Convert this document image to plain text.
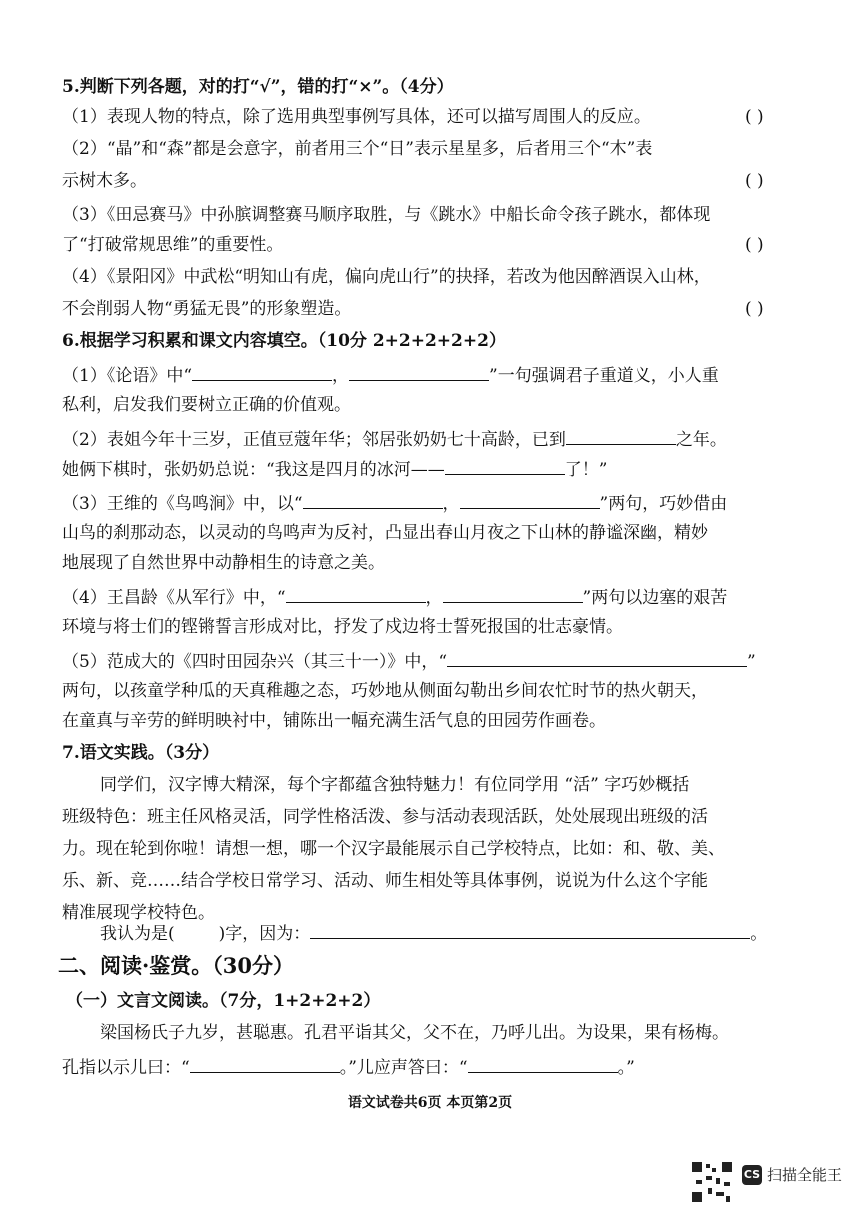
5.判断下列各题，对的打“√”，错的打“×”。（4分）
（1）表现人物的特点，除了选用典型事例写具体，还可以描写周围人的反应。	( )
（2）“晶”和“森”都是会意字，前者用三个“日”表示星星多，后者用三个“木”表
示树木多。	( )
（3）《田忌赛马》中孙膑调整赛马顺序取胜，与《跳水》中船长命令孩子跳水，都体现
了“打破常规思维”的重要性。	( )
（4）《景阳冈》中武松“明知山有虎，偏向虎山行”的抉择，若改为他因醉酒误入山林，
不会削弱人物“勇猛无畏”的形象塑造。	( )
6.根据学习积累和课文内容填空。（10分 2+2+2+2+2）
（1）《论语》中“	，	”一句强调君子重道义，小人重
私利，启发我们要树立正确的价值观。
（2）表姐今年十三岁，正值豆蔻年华；邻居张奶奶七十高龄，已到	之年。
她俩下棋时，张奶奶总说：“我这是四月的冰河——	了！”
（3）王维的《鸟鸣涧》中，以“	，	”两句，巧妙借由
山鸟的刹那动态，以灵动的鸟鸣声为反衬，凸显出春山月夜之下山林的静谧深幽，精妙
地展现了自然世界中动静相生的诗意之美。
（4）王昌龄《从军行》中，“	，	”两句以边塞的艰苦
环境与将士们的铿锵誓言形成对比，抒发了戍边将士誓死报国的壮志豪情。
（5）范成大的《四时田园杂兴（其三十一）》中，“	”
两句，以孩童学种瓜的天真稚趣之态，巧妙地从侧面勾勒出乡间农忙时节的热火朝天，
在童真与辛劳的鲜明映衬中，铺陈出一幅充满生活气息的田园劳作画卷。
7.语文实践。（3分）
同学们，汉字博大精深，每个字都蕴含独特魅力！有位同学用 “活” 字巧妙概括
班级特色：班主任风格灵活，同学性格活泼、参与活动表现活跃，处处展现出班级的活
力。现在轮到你啦！请想一想，哪一个汉字最能展示自己学校特点，比如：和、敬、美、
乐、新、竞……结合学校日常学习、活动、师生相处等具体事例，说说为什么这个字能
精准展现学校特色。
我认为是(	)字，因为：	。
二、阅读·鉴赏。（30分）
（一）文言文阅读。（7分，1+2+2+2）
梁国杨氏子九岁，甚聪惠。孔君平诣其父，父不在，乃呼儿出。为设果，果有杨梅。
孔指以示儿曰：“	。”儿应声答曰：“	。”
语文试卷共6页 本页第2页
CS 扫描全能王
